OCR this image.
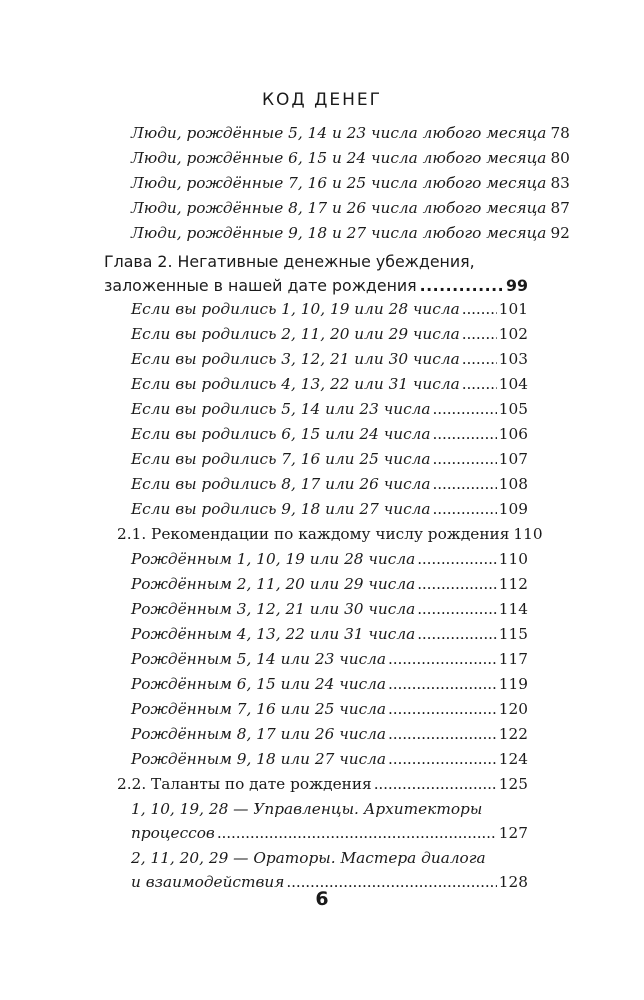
КОД ДЕНЕГ
Люди, рождённые 5, 14 и 23 числа любого месяца 78
Люди, рождённые 6, 15 и 24 числа любого месяца 80
Люди, рождённые 7, 16 и 25 числа любого месяца 83
Люди, рождённые 8, 17 и 26 числа любого месяца 87
Люди, рождённые 9, 18 и 27 числа любого месяца 92
Глава 2. Негативные денежные убеждения,
заложенные в нашей дате рождения . . .	99
Если вы родились 1, 10, 19 или 28 числа . . .	101
Если вы родились 2, 11, 20 или 29 числа . . .	102
Если вы родились 3, 12, 21 или 30 числа . . .	103
Если вы родились 4, 13, 22 или 31 числа . . .	104
Если вы родились 5, 14 или 23 числа . . .	105
Если вы родились 6, 15 или 24 числа . . .	106
Если вы родились 7, 16 или 25 числа . . .	107
Если вы родились 8, 17 или 26 числа . . .	108
Если вы родились 9, 18 или 27 числа . . .	109
2.1. Рекомендации по каждому числу рождения 110
Рождённым 1, 10, 19 или 28 числа . . .	110
Рождённым 2, 11, 20 или 29 числа . . .	112
Рождённым 3, 12, 21 или 30 числа . . .	114
Рождённым 4, 13, 22 или 31 числа . . .	115
Рождённым 5, 14 или 23 числа . . .	117
Рождённым 6, 15 или 24 числа . . .	119
Рождённым 7, 16 или 25 числа . . .	120
Рождённым 8, 17 или 26 числа . . .	122
Рождённым 9, 18 или 27 числа . . .	124
2.2. Таланты по дате рождения . . .	125
1, 10, 19, 28 — Управленцы. Архитекторы
процессов . . .	127
2, 11, 20, 29 — Ораторы. Мастера диалога
и взаимодействия . . .	128
6
